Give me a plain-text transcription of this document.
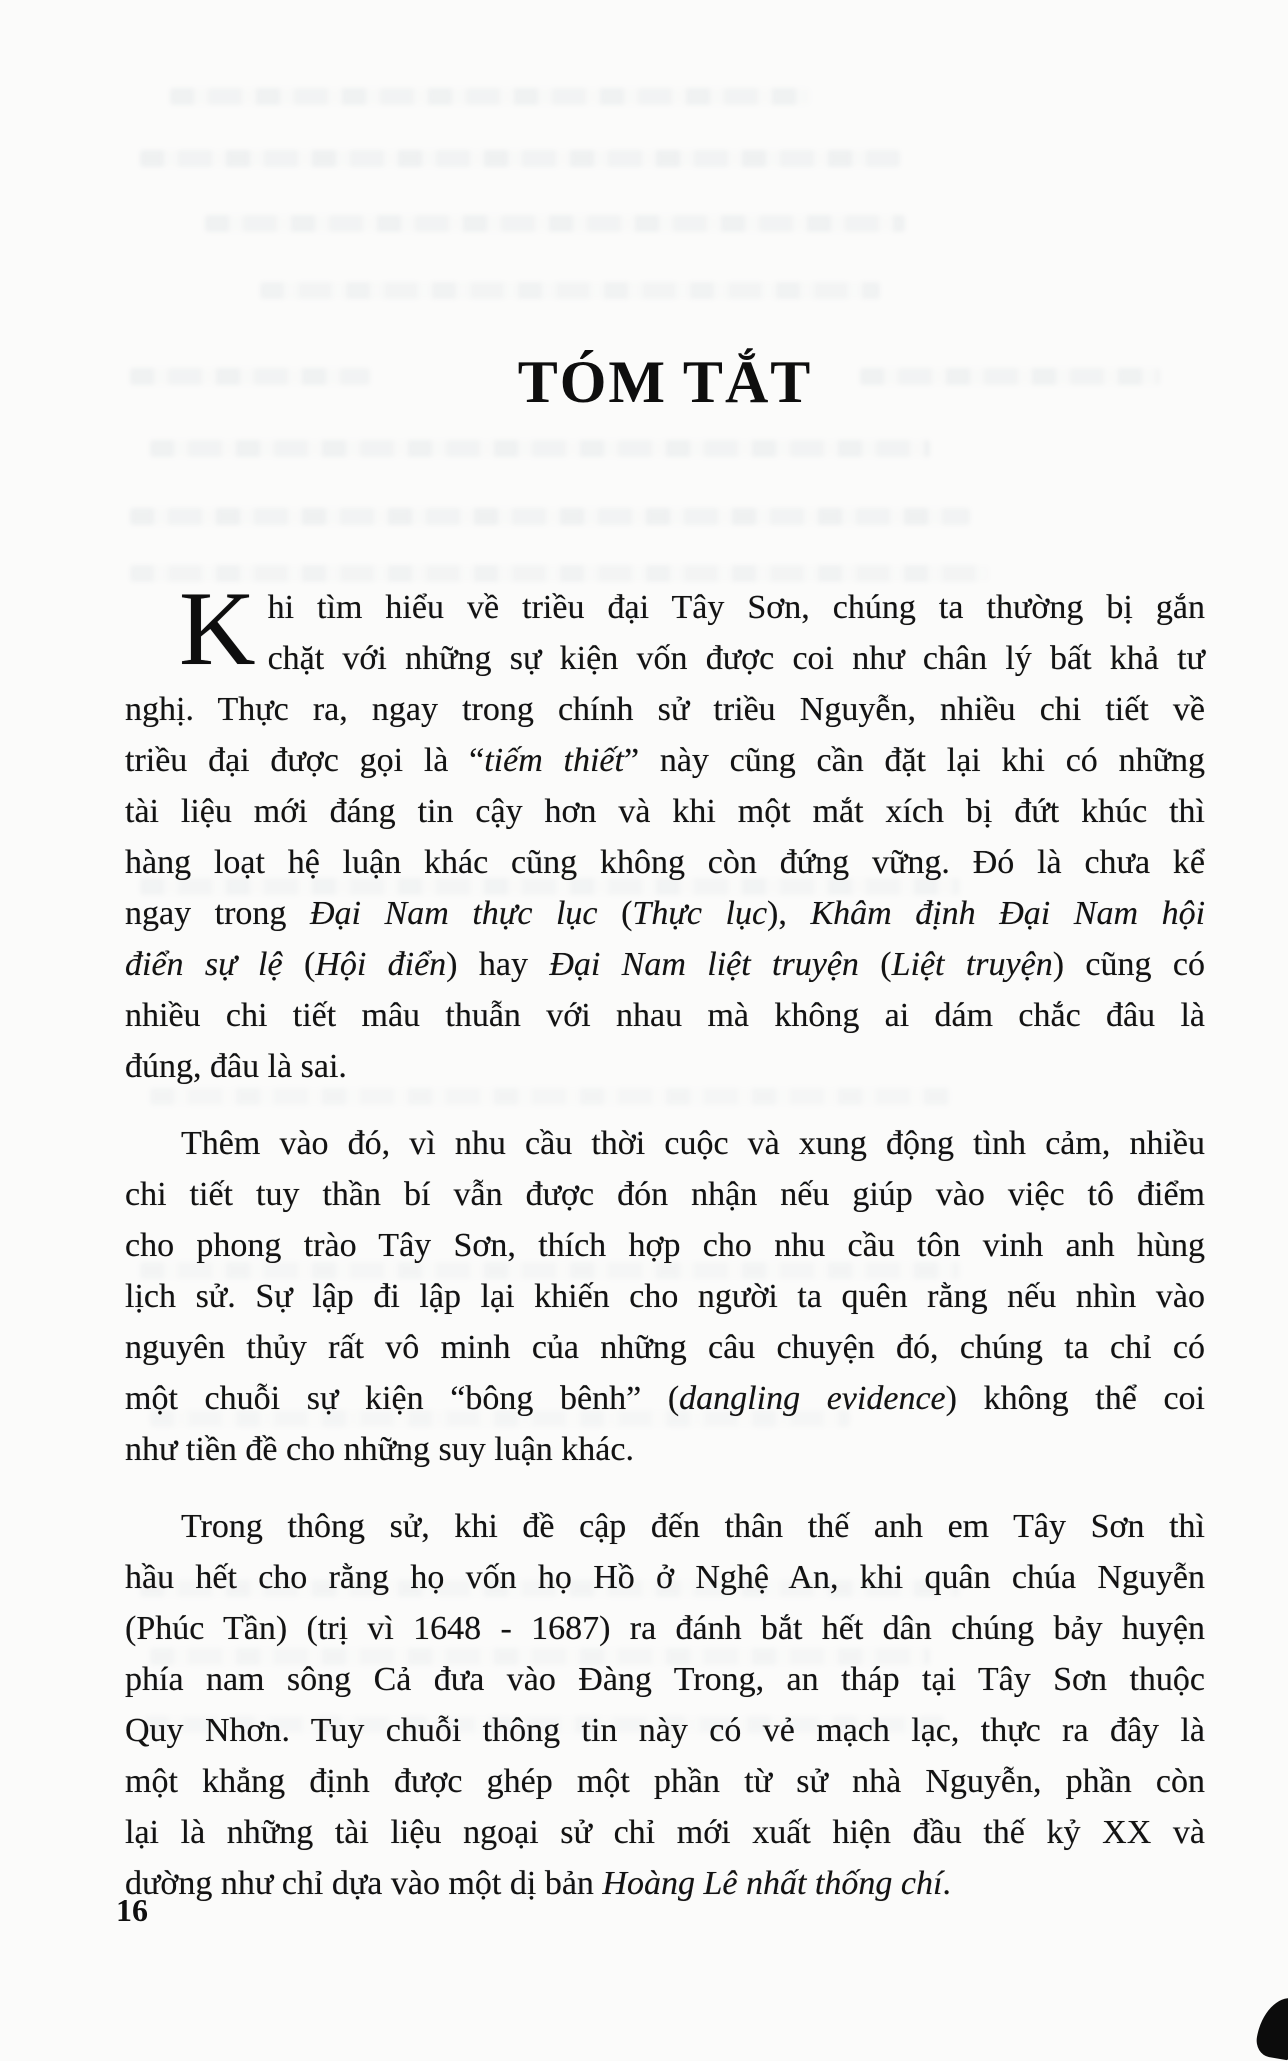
TÓM TẮT
K hi tìm hiểu về triều đại Tây Sơn, chúng ta thường bị gắn
chặt với những sự kiện vốn được coi như chân lý bất khả tư
nghị. Thực ra, ngay trong chính sử triều Nguyễn, nhiều chi tiết về
triều đại được gọi là “tiếm thiết” này cũng cần đặt lại khi có những
tài liệu mới đáng tin cậy hơn và khi một mắt xích bị đứt khúc thì
hàng loạt hệ luận khác cũng không còn đứng vững. Đó là chưa kể
ngay trong Đại Nam thực lục (Thực lục), Khâm định Đại Nam hội
điển sự lệ (Hội điển) hay Đại Nam liệt truyện (Liệt truyện) cũng có
nhiều chi tiết mâu thuẫn với nhau mà không ai dám chắc đâu là
đúng, đâu là sai.
Thêm vào đó, vì nhu cầu thời cuộc và xung động tình cảm, nhiều
chi tiết tuy thần bí vẫn được đón nhận nếu giúp vào việc tô điểm
cho phong trào Tây Sơn, thích hợp cho nhu cầu tôn vinh anh hùng
lịch sử. Sự lập đi lập lại khiến cho người ta quên rằng nếu nhìn vào
nguyên thủy rất vô minh của những câu chuyện đó, chúng ta chỉ có
một chuỗi sự kiện “bông bênh” (dangling evidence) không thể coi
như tiền đề cho những suy luận khác.
Trong thông sử, khi đề cập đến thân thế anh em Tây Sơn thì
hầu hết cho rằng họ vốn họ Hồ ở Nghệ An, khi quân chúa Nguyễn
(Phúc Tần) (trị vì 1648 - 1687) ra đánh bắt hết dân chúng bảy huyện
phía nam sông Cả đưa vào Đàng Trong, an tháp tại Tây Sơn thuộc
Quy Nhơn. Tuy chuỗi thông tin này có vẻ mạch lạc, thực ra đây là
một khẳng định được ghép một phần từ sử nhà Nguyễn, phần còn
lại là những tài liệu ngoại sử chỉ mới xuất hiện đầu thế kỷ XX và
dường như chỉ dựa vào một dị bản Hoàng Lê nhất thống chí.
16
